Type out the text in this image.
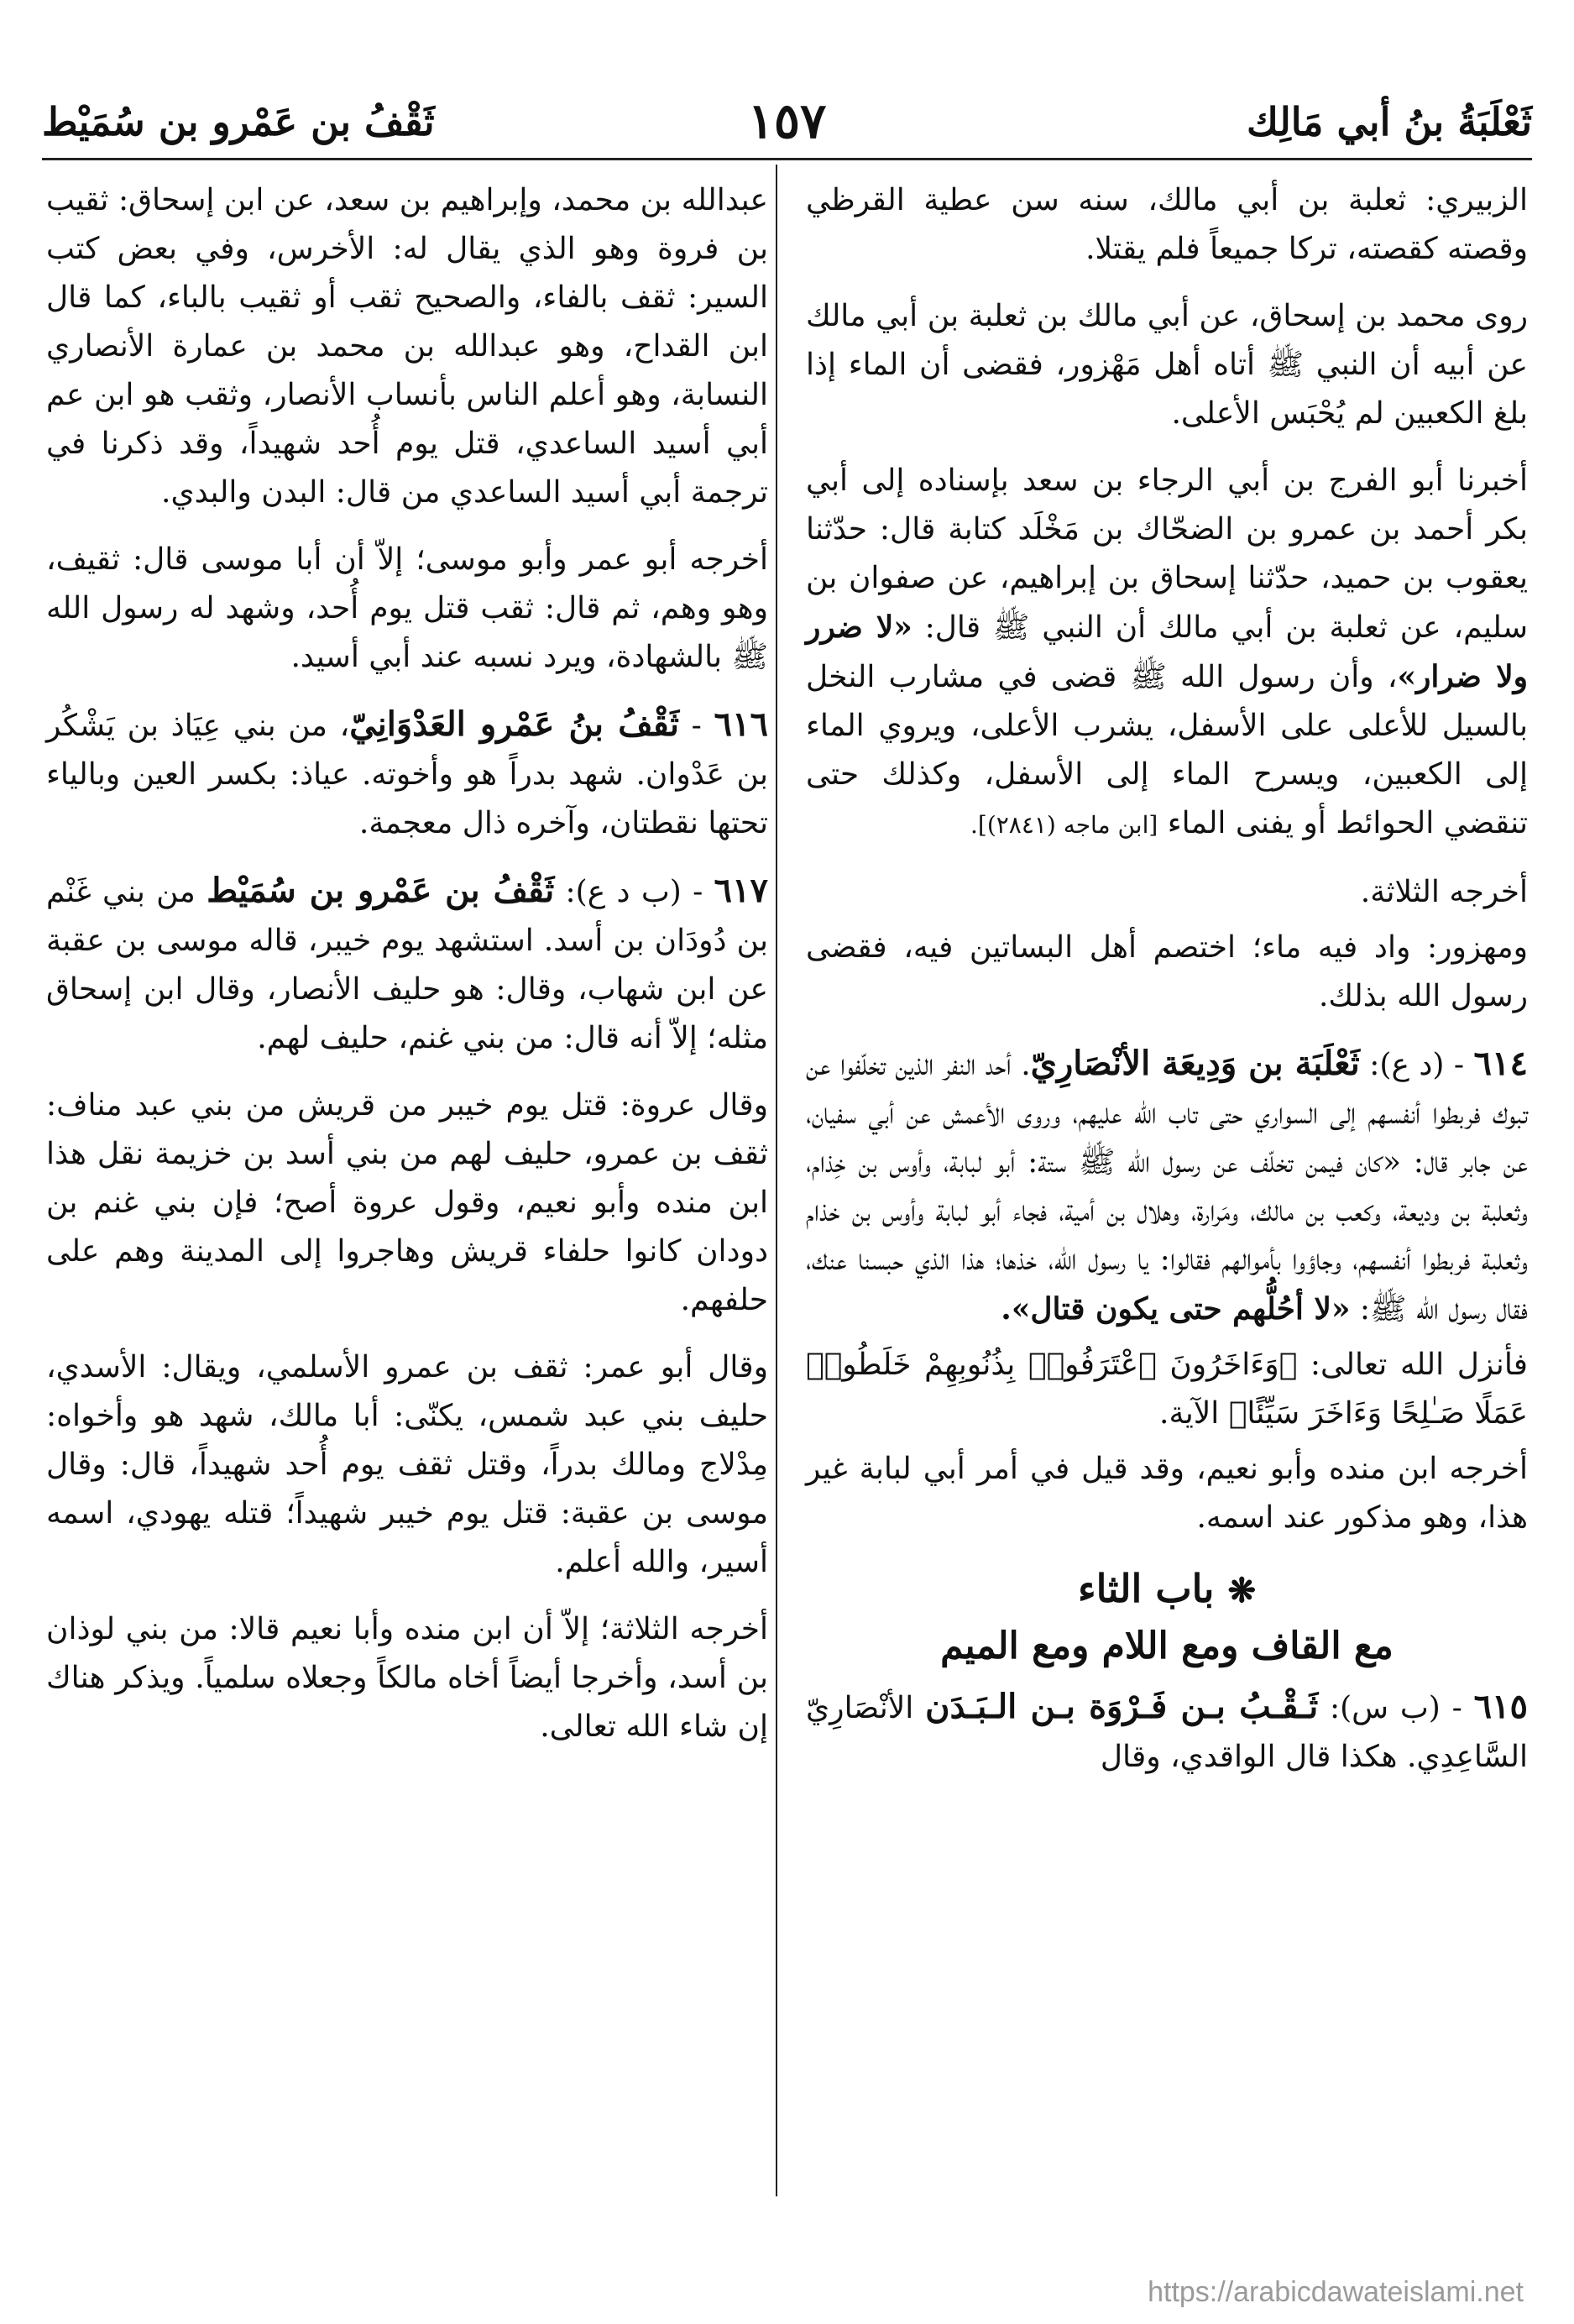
ثَعْلَبَةُ بنُ أبي مَالِك
١٥٧
ثَقْفُ بن عَمْرو بن سُمَيْط

الزبيري: ثعلبة بن أبي مالك، سنه سن عطية القرظي وقصته كقصته، تركا جميعاً فلم يقتلا.

روى محمد بن إسحاق، عن أبي مالك بن ثعلبة بن أبي مالك عن أبيه أن النبي ﷺ أتاه أهل مَهْزور، فقضى أن الماء إذا بلغ الكعبين لم يُحْبَس الأعلى.

أخبرنا أبو الفرج بن أبي الرجاء بن سعد بإسناده إلى أبي بكر أحمد بن عمرو بن الضحّاك بن مَخْلَد كتابة قال: حدّثنا يعقوب بن حميد، حدّثنا إسحاق بن إبراهيم، عن صفوان بن سليم، عن ثعلبة بن أبي مالك أن النبي ﷺ قال: «لا ضرر ولا ضرار»، وأن رسول الله ﷺ قضى في مشارب النخل بالسيل للأعلى على الأسفل، يشرب الأعلى، ويروي الماء إلى الكعبين، ويسرح الماء إلى الأسفل، وكذلك حتى تنقضي الحوائط أو يفنى الماء [ابن ماجه (٢٨٤١)].

أخرجه الثلاثة.

ومهزور: واد فيه ماء؛ اختصم أهل البساتين فيه، فقضى رسول الله بذلك.

٦١٤ - (د ع): ثَعْلَبَة بن وَدِيعَة الأنْصَارِيّ. أحد النفر الذين تخلّفوا عن تبوك فربطوا أنفسهم إلى السواري حتى تاب الله عليهم، وروى الأعمش عن أبي سفيان، عن جابر قال: «كان فيمن تخلّف عن رسول الله ﷺ ستة: أبو لبابة، وأوس بن خِذام، وثعلبة بن وديعة، وكعب بن مالك، ومَرارة، وهلال بن أمية، فجاء أبو لبابة وأوس بن خذام وثعلبة فربطوا أنفسهم، وجاؤوا بأموالهم فقالوا: يا رسول الله، خذها؛ هذا الذي حبسنا عنك، فقال رسول الله ﷺ: «لا أحُلُّهم حتى يكون قتال».

فأنزل الله تعالى: ﴿وَءَاخَرُونَ ٱعْتَرَفُوا۟ بِذُنُوبِهِمْ خَلَطُوا۟ عَمَلًا صَـٰلِحًا وَءَاخَرَ سَيِّئًا﴾ الآية.

أخرجه ابن منده وأبو نعيم، وقد قيل في أمر أبي لبابة غير هذا، وهو مذكور عند اسمه.

❋ باب الثاء

مع القاف ومع اللام ومع الميم

٦١٥ - (ب س): ثَـقْـبُ بـن فَـرْوَة بـن الـبَـدَن الأنْصَارِيّ السَّاعِدِي. هكذا قال الواقدي، وقال

عبدالله بن محمد، وإبراهيم بن سعد، عن ابن إسحاق: ثقيب بن فروة وهو الذي يقال له: الأخرس، وفي بعض كتب السير: ثقف بالفاء، والصحيح ثقب أو ثقيب بالباء، كما قال ابن القداح، وهو عبدالله بن محمد بن عمارة الأنصاري النسابة، وهو أعلم الناس بأنساب الأنصار، وثقب هو ابن عم أبي أسيد الساعدي، قتل يوم أُحد شهيداً، وقد ذكرنا في ترجمة أبي أسيد الساعدي من قال: البدن والبدي.

أخرجه أبو عمر وأبو موسى؛ إلاّ أن أبا موسى قال: ثقيف، وهو وهم، ثم قال: ثقب قتل يوم أُحد، وشهد له رسول الله ﷺ بالشهادة، ويرد نسبه عند أبي أسيد.

٦١٦ - ثَقْفُ بنُ عَمْرو العَدْوَانِيّ، من بني عِيَاذ بن يَشْكُر بن عَدْوان. شهد بدراً هو وأخوته. عياذ: بكسر العين وبالياء تحتها نقطتان، وآخره ذال معجمة.

٦١٧ - (ب د ع): ثَقْفُ بن عَمْرو بن سُمَيْط من بني غَنْم بن دُودَان بن أسد. استشهد يوم خيبر، قاله موسى بن عقبة عن ابن شهاب، وقال: هو حليف الأنصار، وقال ابن إسحاق مثله؛ إلاّ أنه قال: من بني غنم، حليف لهم.

وقال عروة: قتل يوم خيبر من قريش من بني عبد مناف: ثقف بن عمرو، حليف لهم من بني أسد بن خزيمة نقل هذا ابن منده وأبو نعيم، وقول عروة أصح؛ فإن بني غنم بن دودان كانوا حلفاء قريش وهاجروا إلى المدينة وهم على حلفهم.

وقال أبو عمر: ثقف بن عمرو الأسلمي، ويقال: الأسدي، حليف بني عبد شمس، يكنّى: أبا مالك، شهد هو وأخواه: مِدْلاج ومالك بدراً، وقتل ثقف يوم أُحد شهيداً، قال: وقال موسى بن عقبة: قتل يوم خيبر شهيداً؛ قتله يهودي، اسمه أسير، والله أعلم.

أخرجه الثلاثة؛ إلاّ أن ابن منده وأبا نعيم قالا: من بني لوذان بن أسد، وأخرجا أيضاً أخاه مالكاً وجعلاه سلمياً. ويذكر هناك إن شاء الله تعالى.

https://arabicdawateislami.net
